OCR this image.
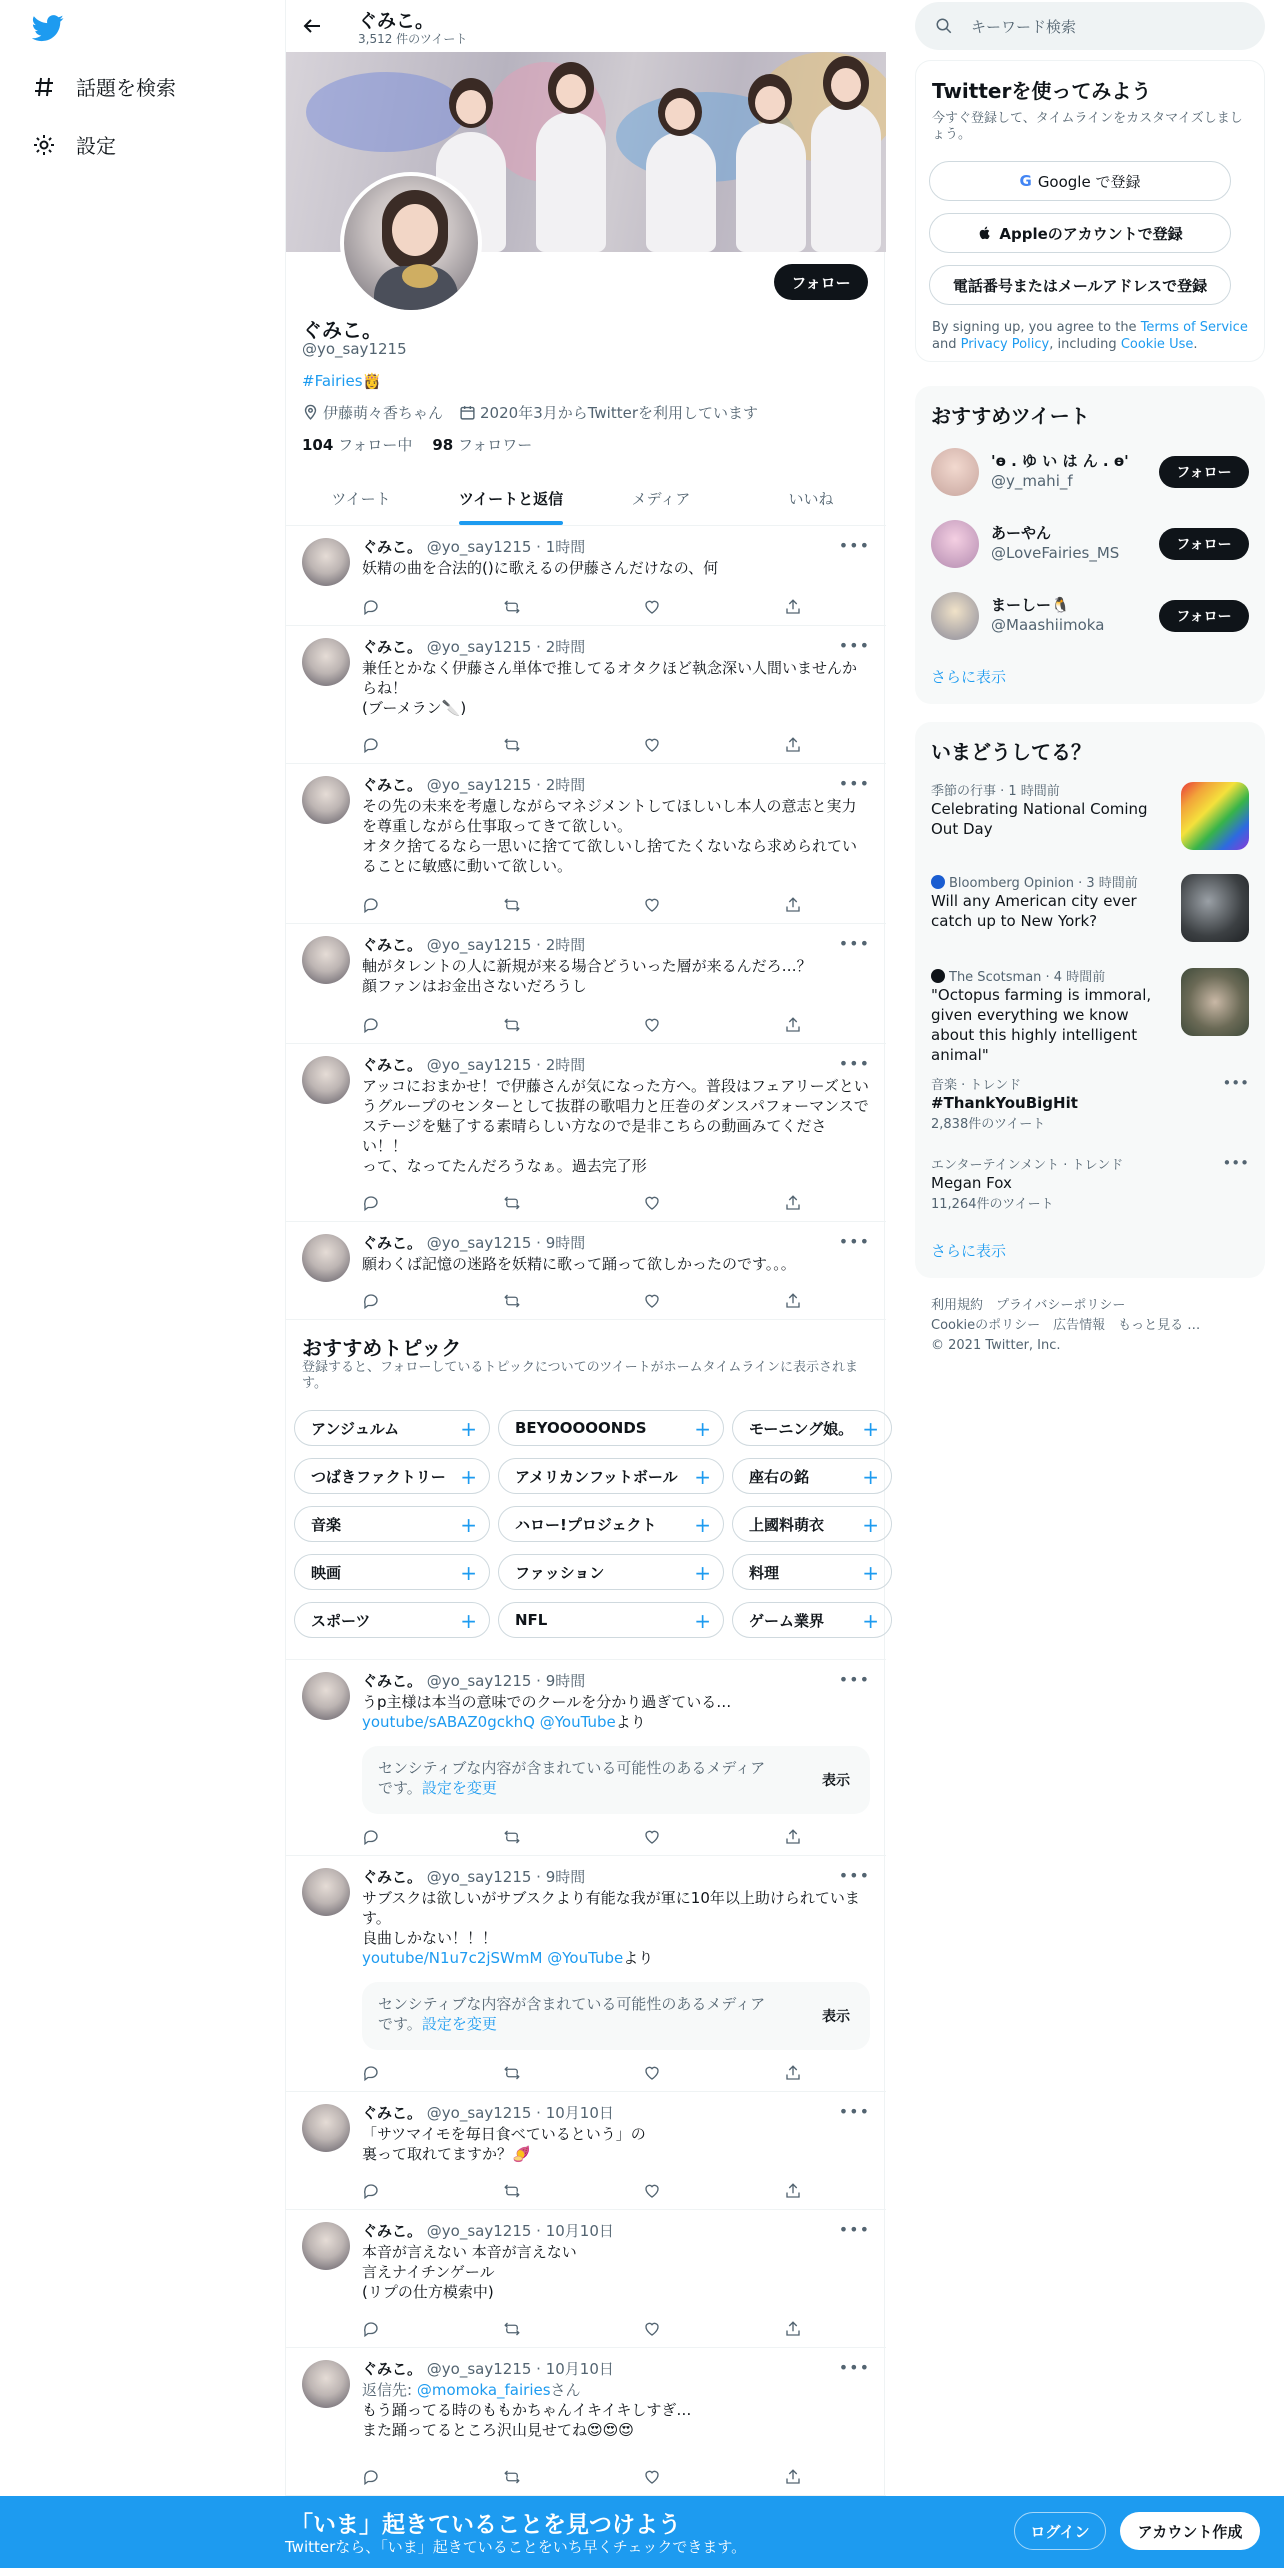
話題を検索
設定
ぐみこ。
3,512 件のツイート
フォロー
ぐみこ。
@yo_say1215
#Fairies👸
伊藤萌々香ちゃん 2020年3月からTwitterを利用しています
104 フォロー中 98 フォロワー
ツイート	ツイートと返信	メディア	いいね
ぐみこ。 @yo_say1215 · 1時間	•••
妖精の曲を合法的()に歌えるの伊藤さんだけなの、何
ぐみこ。 @yo_say1215 · 2時間	•••
兼任とかなく伊藤さん単体で推してるオタクほど執念深い人間いませんからね！
(ブーメラン🔪)
ぐみこ。 @yo_say1215 · 2時間	•••
その先の未来を考慮しながらマネジメントしてほしいし本人の意志と実力を尊重しながら仕事取ってきて欲しい。
オタク捨てるなら一思いに捨てて欲しいし捨てたくないなら求められていることに敏感に動いて欲しい。
ぐみこ。 @yo_say1215 · 2時間	•••
軸がタレントの人に新規が来る場合どういった層が来るんだろ…？
顔ファンはお金出さないだろうし
ぐみこ。 @yo_say1215 · 2時間	•••
アッコにおまかせ！で伊藤さんが気になった方へ。普段はフェアリーズというグループのセンターとして抜群の歌唱力と圧巻のダンスパフォーマンスでステージを魅了する素晴らしい方なので是非こちらの動画みてください！！
って、なってたんだろうなぁ。過去完了形
ぐみこ。 @yo_say1215 · 9時間	•••
願わくば記憶の迷路を妖精に歌って踊って欲しかったのです。。。
ぐみこ。 @yo_say1215 · 9時間	•••
うp主様は本当の意味でのクールを分かり過ぎている…
youtube/sABAZ0gckhQ @YouTubeより
センシティブな内容が含まれている可能性のあるメディアです。設定を変更	表示
ぐみこ。 @yo_say1215 · 9時間	•••
サブスクは欲しいがサブスクより有能な我が軍に10年以上助けられています。
良曲しかない！！！
youtube/N1u7c2jSWmM @YouTubeより
センシティブな内容が含まれている可能性のあるメディアです。設定を変更	表示
ぐみこ。 @yo_say1215 · 10月10日	•••
「サツマイモを毎日食べているという」の
裏って取れてますか？🍠
ぐみこ。 @yo_say1215 · 10月10日	•••
本音が言えない 本音が言えない
言えナイチンゲール
(リプの仕方模索中)
ぐみこ。 @yo_say1215 · 10月10日	•••
返信先: @momoka_fairiesさん
もう踊ってる時のももかちゃんイキイキしすぎ…
また踊ってるところ沢山見せてね😍😍😍
おすすめトピック
登録すると、フォローしているトピックについてのツイートがホームタイムラインに表示されます。
アンジュルム	+	BEYOOOOONDS +	モーニング娘。 +
つばきファクトリー +	アメリカンフットボール +	座右の銘	+
音楽	+	ハロー!プロジェクト +	上國料萌衣 +
映画	+	ファッション	+	料理	+
スポーツ	+	NFL	+	ゲーム業界 +
キーワード検索
Twitterを使ってみよう
今すぐ登録して、タイムラインをカスタマイズしましょう。
G Google で登録
Appleのアカウントで登録
電話番号またはメールアドレスで登録
By signing up, you agree to the Terms of Service and Privacy Policy, including Cookie Use.
おすすめツイート
'ɵ . ゆ い は ん . ɵ'
@y_mahi_f	フォロー
あーやん
@LoveFairies_MS	フォロー
まーしー🐧
@Maashiimoka	フォロー
さらに表示
いまどうしてる？
季節の行事 · 1 時間前
Celebrating National Coming Out Day
Bloomberg Opinion · 3 時間前
Will any American city ever catch up to New York?
The Scotsman · 4 時間前
"Octopus farming is immoral, given everything we know about this highly intelligent animal"
音楽 · トレンド
#ThankYouBigHit
2,838件のツイート
•••
エンターテインメント · トレンド
Megan Fox
11,264件のツイート
•••
さらに表示
利用規約　プライバシーポリシー
Cookieのポリシー　広告情報　もっと見る …
© 2021 Twitter, Inc.
「いま」起きていることを見つけよう
Twitterなら、「いま」起きていることをいち早くチェックできます。
ログイン	アカウント作成
